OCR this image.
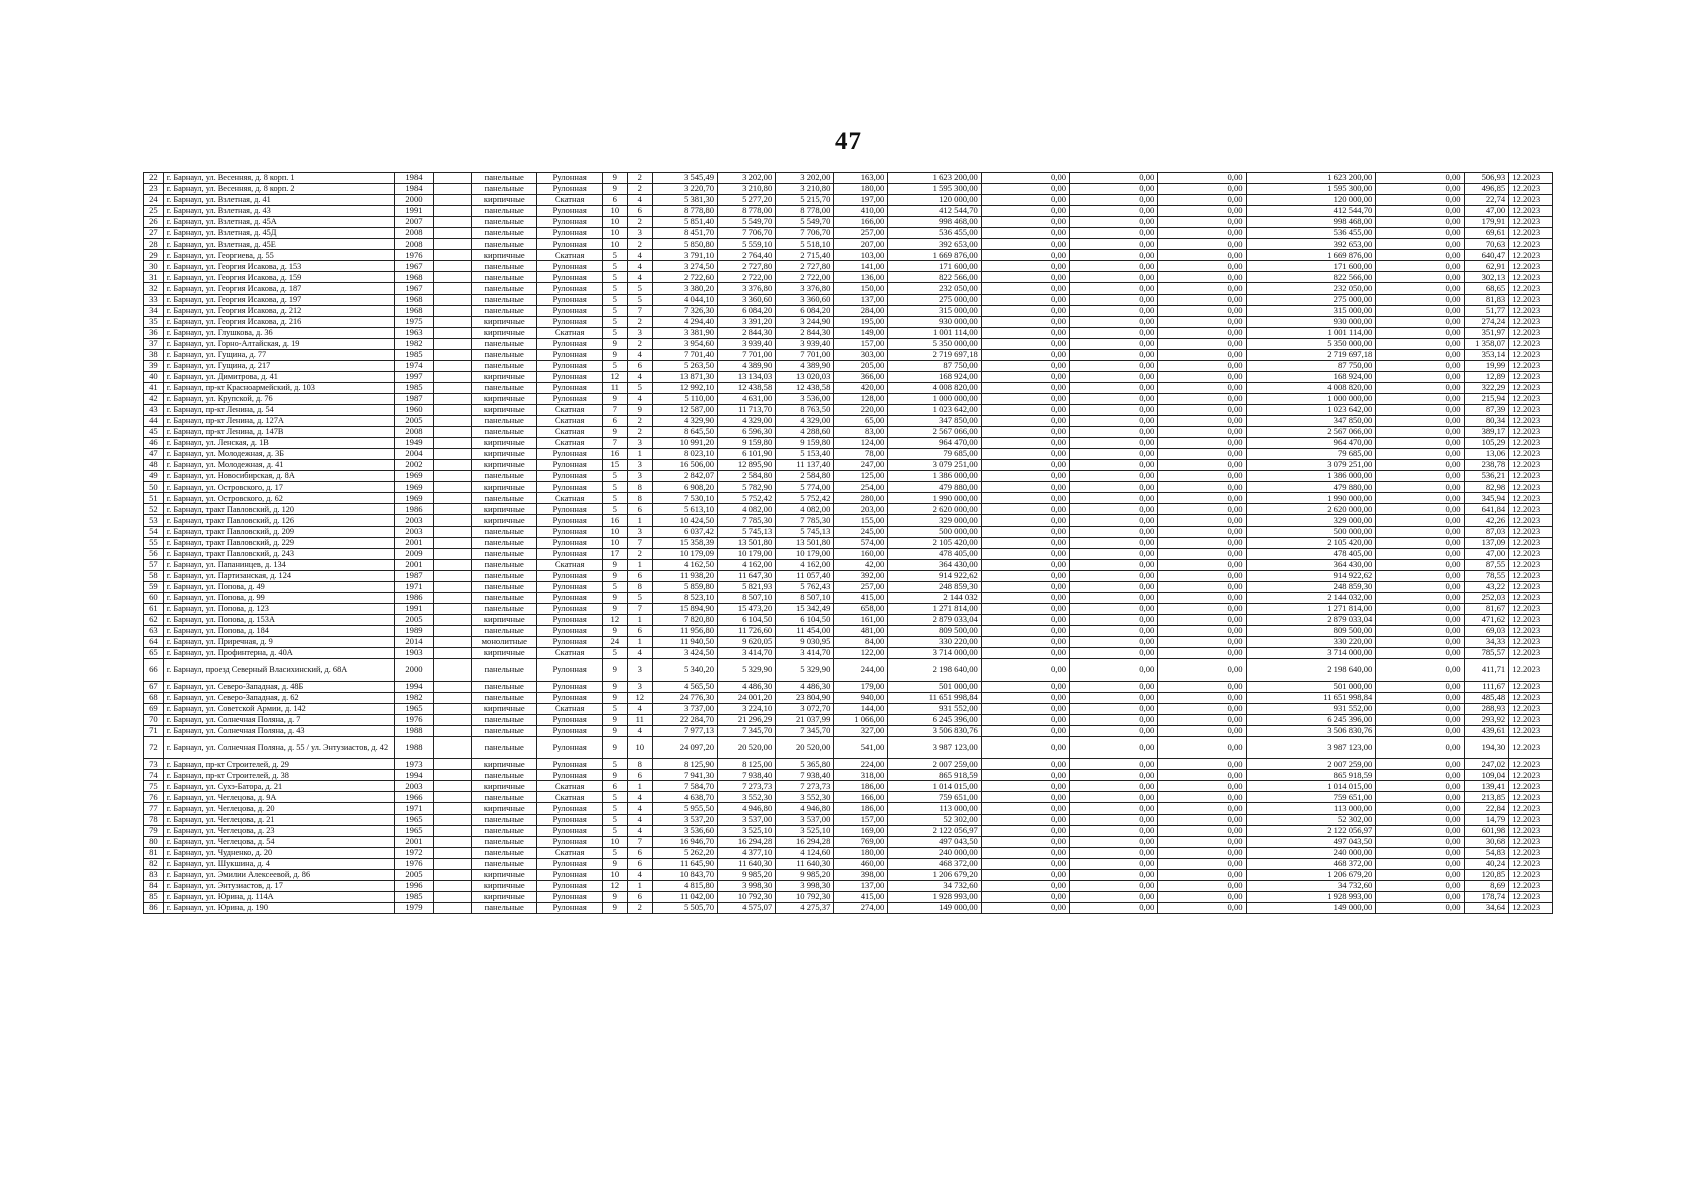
47
22	г. Барнаул, ул. Весенняя, д. 8 корп. 1	1984		панельные	Рулонная	9	2	3 545,49	3 202,00	3 202,00	163,00	1 623 200,00	0,00	0,00	0,00	1 623 200,00	0,00	506,93	12.2023
23	г. Барнаул, ул. Весенняя, д. 8 корп. 2	1984		панельные	Рулонная	9	2	3 220,70	3 210,80	3 210,80	180,00	1 595 300,00	0,00	0,00	0,00	1 595 300,00	0,00	496,85	12.2023
24	г. Барнаул, ул. Взлетная, д. 41	2000		кирпичные	Скатная	6	4	5 381,30	5 277,20	5 215,70	197,00	120 000,00	0,00	0,00	0,00	120 000,00	0,00	22,74	12.2023
25	г. Барнаул, ул. Взлетная, д. 43	1991		панельные	Рулонная	10	6	8 778,80	8 778,00	8 778,00	410,00	412 544,70	0,00	0,00	0,00	412 544,70	0,00	47,00	12.2023
26	г. Барнаул, ул. Взлетная, д. 45А	2007		панельные	Рулонная	10	2	5 851,40	5 549,70	5 549,70	166,00	998 468,00	0,00	0,00	0,00	998 468,00	0,00	179,91	12.2023
27	г. Барнаул, ул. Взлетная, д. 45Д	2008		панельные	Рулонная	10	3	8 451,70	7 706,70	7 706,70	257,00	536 455,00	0,00	0,00	0,00	536 455,00	0,00	69,61	12.2023
28	г. Барнаул, ул. Взлетная, д. 45Е	2008		панельные	Рулонная	10	2	5 850,80	5 559,10	5 518,10	207,00	392 653,00	0,00	0,00	0,00	392 653,00	0,00	70,63	12.2023
29	г. Барнаул, ул. Георгиева, д. 55	1976		кирпичные	Скатная	5	4	3 791,10	2 764,40	2 715,40	103,00	1 669 876,00	0,00	0,00	0,00	1 669 876,00	0,00	640,47	12.2023
30	г. Барнаул, ул. Георгия Исакова, д. 153	1967		панельные	Рулонная	5	4	3 274,50	2 727,80	2 727,80	141,00	171 600,00	0,00	0,00	0,00	171 600,00	0,00	62,91	12.2023
31	г. Барнаул, ул. Георгия Исакова, д. 159	1968		панельные	Рулонная	5	4	2 722,60	2 722,00	2 722,00	136,00	822 566,00	0,00	0,00	0,00	822 566,00	0,00	302,13	12.2023
32	г. Барнаул, ул. Георгия Исакова, д. 187	1967		панельные	Рулонная	5	5	3 380,20	3 376,80	3 376,80	150,00	232 050,00	0,00	0,00	0,00	232 050,00	0,00	68,65	12.2023
33	г. Барнаул, ул. Георгия Исакова, д. 197	1968		панельные	Рулонная	5	5	4 044,10	3 360,60	3 360,60	137,00	275 000,00	0,00	0,00	0,00	275 000,00	0,00	81,83	12.2023
34	г. Барнаул, ул. Георгия Исакова, д. 212	1968		панельные	Рулонная	5	7	7 326,30	6 084,20	6 084,20	284,00	315 000,00	0,00	0,00	0,00	315 000,00	0,00	51,77	12.2023
35	г. Барнаул, ул. Георгия Исакова, д. 216	1975		кирпичные	Рулонная	5	2	4 294,40	3 391,20	3 244,90	195,00	930 000,00	0,00	0,00	0,00	930 000,00	0,00	274,24	12.2023
36	г. Барнаул, ул. Глушкова, д. 36	1963		кирпичные	Скатная	5	3	3 381,90	2 844,30	2 844,30	149,00	1 001 114,00	0,00	0,00	0,00	1 001 114,00	0,00	351,97	12.2023
37	г. Барнаул, ул. Горно-Алтайская, д. 19	1982		панельные	Рулонная	9	2	3 954,60	3 939,40	3 939,40	157,00	5 350 000,00	0,00	0,00	0,00	5 350 000,00	0,00	1 358,07	12.2023
38	г. Барнаул, ул. Гущина, д. 77	1985		панельные	Рулонная	9	4	7 701,40	7 701,00	7 701,00	303,00	2 719 697,18	0,00	0,00	0,00	2 719 697,18	0,00	353,14	12.2023
39	г. Барнаул, ул. Гущина, д. 217	1974		панельные	Рулонная	5	6	5 263,50	4 389,90	4 389,90	205,00	87 750,00	0,00	0,00	0,00	87 750,00	0,00	19,99	12.2023
40	г. Барнаул, ул. Димитрова, д. 41	1997		кирпичные	Рулонная	12	4	13 871,30	13 134,03	13 020,03	366,00	168 924,00	0,00	0,00	0,00	168 924,00	0,00	12,89	12.2023
41	г. Барнаул, пр-кт Красноармейский, д. 103	1985		панельные	Рулонная	11	5	12 992,10	12 438,58	12 438,58	420,00	4 008 820,00	0,00	0,00	0,00	4 008 820,00	0,00	322,29	12.2023
42	г. Барнаул, ул. Крупской, д. 76	1987		кирпичные	Рулонная	9	4	5 110,00	4 631,00	3 536,00	128,00	1 000 000,00	0,00	0,00	0,00	1 000 000,00	0,00	215,94	12.2023
43	г. Барнаул, пр-кт Ленина, д. 54	1960		кирпичные	Скатная	7	9	12 587,00	11 713,70	8 763,50	220,00	1 023 642,00	0,00	0,00	0,00	1 023 642,00	0,00	87,39	12.2023
44	г. Барнаул, пр-кт Ленина, д. 127А	2005		панельные	Скатная	6	2	4 329,90	4 329,00	4 329,00	65,00	347 850,00	0,00	0,00	0,00	347 850,00	0,00	80,34	12.2023
45	г. Барнаул, пр-кт Ленина, д. 147В	2008		панельные	Скатная	9	2	8 645,50	6 596,30	4 288,60	83,00	2 567 066,00	0,00	0,00	0,00	2 567 066,00	0,00	389,17	12.2023
46	г. Барнаул, ул. Ленская, д. 1В	1949		кирпичные	Скатная	7	3	10 991,20	9 159,80	9 159,80	124,00	964 470,00	0,00	0,00	0,00	964 470,00	0,00	105,29	12.2023
47	г. Барнаул, ул. Молодежная, д. 3Б	2004		кирпичные	Рулонная	16	1	8 023,10	6 101,90	5 153,40	78,00	79 685,00	0,00	0,00	0,00	79 685,00	0,00	13,06	12.2023
48	г. Барнаул, ул. Молодежная, д. 41	2002		кирпичные	Рулонная	15	3	16 506,00	12 895,90	11 137,40	247,00	3 079 251,00	0,00	0,00	0,00	3 079 251,00	0,00	238,78	12.2023
49	г. Барнаул, ул. Новосибирская, д. 8А	1969		панельные	Рулонная	5	3	2 842,07	2 584,80	2 584,80	125,00	1 386 000,00	0,00	0,00	0,00	1 386 000,00	0,00	536,21	12.2023
50	г. Барнаул, ул. Островского, д. 17	1969		кирпичные	Рулонная	5	8	6 908,20	5 782,90	5 774,00	254,00	479 880,00	0,00	0,00	0,00	479 880,00	0,00	82,98	12.2023
51	г. Барнаул, ул. Островского, д. 62	1969		панельные	Скатная	5	8	7 530,10	5 752,42	5 752,42	280,00	1 990 000,00	0,00	0,00	0,00	1 990 000,00	0,00	345,94	12.2023
52	г. Барнаул, тракт Павловский, д. 120	1986		кирпичные	Рулонная	5	6	5 613,10	4 082,00	4 082,00	203,00	2 620 000,00	0,00	0,00	0,00	2 620 000,00	0,00	641,84	12.2023
53	г. Барнаул, тракт Павловский, д. 126	2003		кирпичные	Рулонная	16	1	10 424,50	7 785,30	7 785,30	155,00	329 000,00	0,00	0,00	0,00	329 000,00	0,00	42,26	12.2023
54	г. Барнаул, тракт Павловский, д. 209	2003		панельные	Рулонная	10	3	6 037,42	5 745,13	5 745,13	245,00	500 000,00	0,00	0,00	0,00	500 000,00	0,00	87,03	12.2023
55	г. Барнаул, тракт Павловский, д. 229	2001		панельные	Рулонная	10	7	15 358,39	13 501,80	13 501,80	574,00	2 105 420,00	0,00	0,00	0,00	2 105 420,00	0,00	137,09	12.2023
56	г. Барнаул, тракт Павловский, д. 243	2009		панельные	Рулонная	17	2	10 179,09	10 179,00	10 179,00	160,00	478 405,00	0,00	0,00	0,00	478 405,00	0,00	47,00	12.2023
57	г. Барнаул, ул. Папанинцев, д. 134	2001		панельные	Скатная	9	1	4 162,50	4 162,00	4 162,00	42,00	364 430,00	0,00	0,00	0,00	364 430,00	0,00	87,55	12.2023
58	г. Барнаул, ул. Партизанская, д. 124	1987		панельные	Рулонная	9	6	11 938,20	11 647,30	11 057,40	392,00	914 922,62	0,00	0,00	0,00	914 922,62	0,00	78,55	12.2023
59	г. Барнаул, ул. Попова, д. 49	1971		панельные	Рулонная	5	8	5 859,80	5 821,93	5 762,43	257,00	248 859,30	0,00	0,00	0,00	248 859,30	0,00	43,22	12.2023
60	г. Барнаул, ул. Попова, д. 99	1986		панельные	Рулонная	9	5	8 523,10	8 507,10	8 507,10	415,00	2 144 032	0,00	0,00	0,00	2 144 032,00	0,00	252,03	12.2023
61	г. Барнаул, ул. Попова, д. 123	1991		панельные	Рулонная	9	7	15 894,90	15 473,20	15 342,49	658,00	1 271 814,00	0,00	0,00	0,00	1 271 814,00	0,00	81,67	12.2023
62	г. Барнаул, ул. Попова, д. 153А	2005		кирпичные	Рулонная	12	1	7 820,80	6 104,50	6 104,50	161,00	2 879 033,04	0,00	0,00	0,00	2 879 033,04	0,00	471,62	12.2023
63	г. Барнаул, ул. Попова, д. 184	1989		панельные	Рулонная	9	6	11 956,80	11 726,60	11 454,00	481,00	809 500,00	0,00	0,00	0,00	809 500,00	0,00	69,03	12.2023
64	г. Барнаул, ул. Приречная, д. 9	2014		монолитные	Рулонная	24	1	11 940,50	9 620,05	9 030,95	84,00	330 220,00	0,00	0,00	0,00	330 220,00	0,00	34,33	12.2023
65	г. Барнаул, ул. Профинтерна, д. 40А	1903		кирпичные	Скатная	5	4	3 424,50	3 414,70	3 414,70	122,00	3 714 000,00	0,00	0,00	0,00	3 714 000,00	0,00	785,57	12.2023
66	г. Барнаул, проезд Северный Власихинский, д. 68А	2000		панельные	Рулонная	9	3	5 340,20	5 329,90	5 329,90	244,00	2 198 640,00	0,00	0,00	0,00	2 198 640,00	0,00	411,71	12.2023
67	г. Барнаул, ул. Северо-Западная, д. 48Б	1994		панельные	Рулонная	9	3	4 565,50	4 486,30	4 486,30	179,00	501 000,00	0,00	0,00	0,00	501 000,00	0,00	111,67	12.2023
68	г. Барнаул, ул. Северо-Западная, д. 62	1982		панельные	Рулонная	9	12	24 776,30	24 001,20	23 804,90	940,00	11 651 998,84	0,00	0,00	0,00	11 651 998,84	0,00	485,48	12.2023
69	г. Барнаул, ул. Советской Армии, д. 142	1965		кирпичные	Скатная	5	4	3 737,00	3 224,10	3 072,70	144,00	931 552,00	0,00	0,00	0,00	931 552,00	0,00	288,93	12.2023
70	г. Барнаул, ул. Солнечная Поляна, д. 7	1976		панельные	Рулонная	9	11	22 284,70	21 296,29	21 037,99	1 066,00	6 245 396,00	0,00	0,00	0,00	6 245 396,00	0,00	293,92	12.2023
71	г. Барнаул, ул. Солнечная Поляна, д. 43	1988		панельные	Рулонная	9	4	7 977,13	7 345,70	7 345,70	327,00	3 506 830,76	0,00	0,00	0,00	3 506 830,76	0,00	439,61	12.2023
72	г. Барнаул, ул. Солнечная Поляна, д. 55 / ул. Энтузиастов, д. 42	1988		панельные	Рулонная	9	10	24 097,20	20 520,00	20 520,00	541,00	3 987 123,00	0,00	0,00	0,00	3 987 123,00	0,00	194,30	12.2023
73	г. Барнаул, пр-кт Строителей, д. 29	1973		кирпичные	Рулонная	5	8	8 125,90	8 125,00	5 365,80	224,00	2 007 259,00	0,00	0,00	0,00	2 007 259,00	0,00	247,02	12.2023
74	г. Барнаул, пр-кт Строителей, д. 38	1994		панельные	Рулонная	9	6	7 941,30	7 938,40	7 938,40	318,00	865 918,59	0,00	0,00	0,00	865 918,59	0,00	109,04	12.2023
75	г. Барнаул, ул. Сухэ-Батора, д. 21	2003		кирпичные	Скатная	6	1	7 584,70	7 273,73	7 273,73	186,00	1 014 015,00	0,00	0,00	0,00	1 014 015,00	0,00	139,41	12.2023
76	г. Барнаул, ул. Чеглецова, д. 9А	1966		панельные	Скатная	5	4	4 638,70	3 552,30	3 552,30	166,00	759 651,00	0,00	0,00	0,00	759 651,00	0,00	213,85	12.2023
77	г. Барнаул, ул. Чеглецова, д. 20	1971		кирпичные	Рулонная	5	4	5 955,50	4 946,80	4 946,80	186,00	113 000,00	0,00	0,00	0,00	113 000,00	0,00	22,84	12.2023
78	г. Барнаул, ул. Чеглецова, д. 21	1965		панельные	Рулонная	5	4	3 537,20	3 537,00	3 537,00	157,00	52 302,00	0,00	0,00	0,00	52 302,00	0,00	14,79	12.2023
79	г. Барнаул, ул. Чеглецова, д. 23	1965		панельные	Рулонная	5	4	3 536,60	3 525,10	3 525,10	169,00	2 122 056,97	0,00	0,00	0,00	2 122 056,97	0,00	601,98	12.2023
80	г. Барнаул, ул. Чеглецова, д. 54	2001		панельные	Рулонная	10	7	16 946,70	16 294,28	16 294,28	769,00	497 043,50	0,00	0,00	0,00	497 043,50	0,00	30,68	12.2023
81	г. Барнаул, ул. Чудненко, д. 20	1972		панельные	Скатная	5	6	5 262,20	4 377,10	4 124,60	180,00	240 000,00	0,00	0,00	0,00	240 000,00	0,00	54,83	12.2023
82	г. Барнаул, ул. Шукшина, д. 4	1976		панельные	Рулонная	9	6	11 645,90	11 640,30	11 640,30	460,00	468 372,00	0,00	0,00	0,00	468 372,00	0,00	40,24	12.2023
83	г. Барнаул, ул. Эмилии Алексеевой, д. 86	2005		кирпичные	Рулонная	10	4	10 843,70	9 985,20	9 985,20	398,00	1 206 679,20	0,00	0,00	0,00	1 206 679,20	0,00	120,85	12.2023
84	г. Барнаул, ул. Энтузиастов, д. 17	1996		кирпичные	Рулонная	12	1	4 815,80	3 998,30	3 998,30	137,00	34 732,60	0,00	0,00	0,00	34 732,60	0,00	8,69	12.2023
85	г. Барнаул, ул. Юрина, д. 114А	1985		кирпичные	Рулонная	9	6	11 042,00	10 792,30	10 792,30	415,00	1 928 993,00	0,00	0,00	0,00	1 928 993,00	0,00	178,74	12.2023
86	г. Барнаул, ул. Юрина, д. 190	1979		панельные	Рулонная	9	2	5 505,70	4 575,07	4 275,37	274,00	149 000,00	0,00	0,00	0,00	149 000,00	0,00	34,64	12.2023
